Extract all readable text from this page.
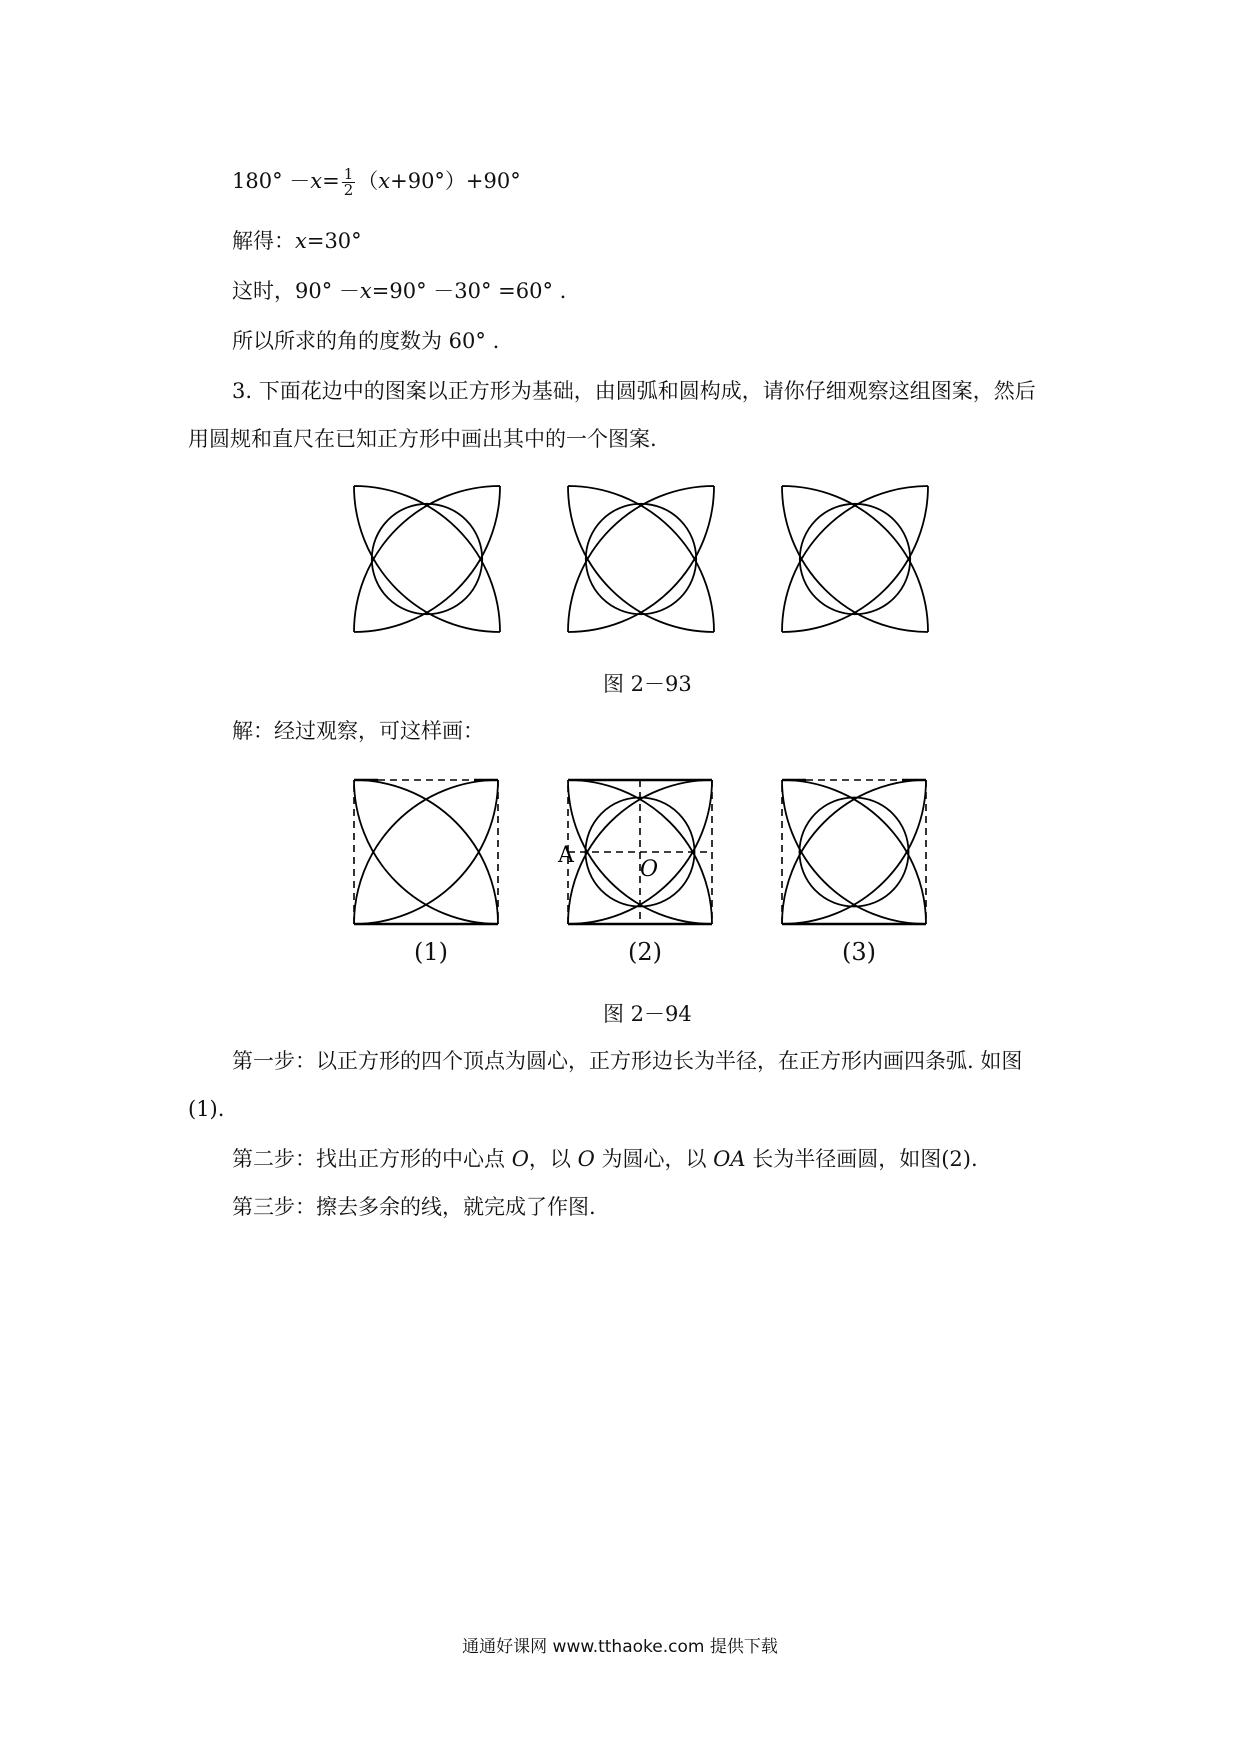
$180^\circ -x= \frac{1}{2} (x+90^\circ)+90^\circ$
解得：x=30°
这时，90° －x=90° －30° =60° .
所以所求的角的度数为 60° .
3. 下面花边中的图案以正方形为基础，由圆弧和圆构成，请你仔细观察这组图案，然后
用圆规和直尺在已知正方形中画出其中的一个图案.
图 2－93
解：经过观察，可这样画：
A
O
(1)	(2)	(3)
图 2－94
第一步：以正方形的四个顶点为圆心，正方形边长为半径，在正方形内画四条弧. 如图
(1).
第二步：找出正方形的中心点 O，以 O 为圆心，以 OA 长为半径画圆，如图(2).
第三步：擦去多余的线，就完成了作图.
通通好课网 www.tthaoke.com 提供下载
